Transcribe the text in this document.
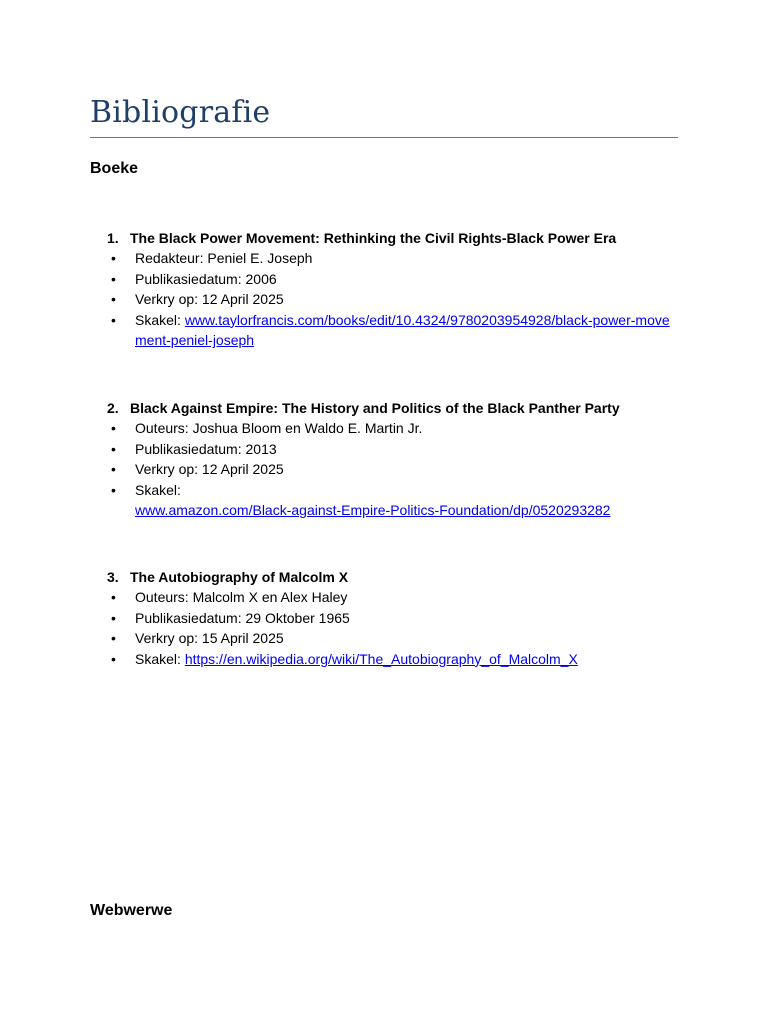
Bibliografie
Boeke
1. The Black Power Movement: Rethinking the Civil Rights-Black Power Era
• Redakteur: Peniel E. Joseph
• Publikasiedatum: 2006
• Verkry op: 12 April 2025
• Skakel: www.taylorfrancis.com/books/edit/10.4324/9780203954928/black-power-movement-peniel-joseph
2. Black Against Empire: The History and Politics of the Black Panther Party
• Outeurs: Joshua Bloom en Waldo E. Martin Jr.
• Publikasiedatum: 2013
• Verkry op: 12 April 2025
• Skakel:
www.amazon.com/Black-against-Empire-Politics-Foundation/dp/0520293282
3. The Autobiography of Malcolm X
• Outeurs: Malcolm X en Alex Haley
• Publikasiedatum: 29 Oktober 1965
• Verkry op: 15 April 2025
• Skakel: https://en.wikipedia.org/wiki/The_Autobiography_of_Malcolm_X
Webwerwe
